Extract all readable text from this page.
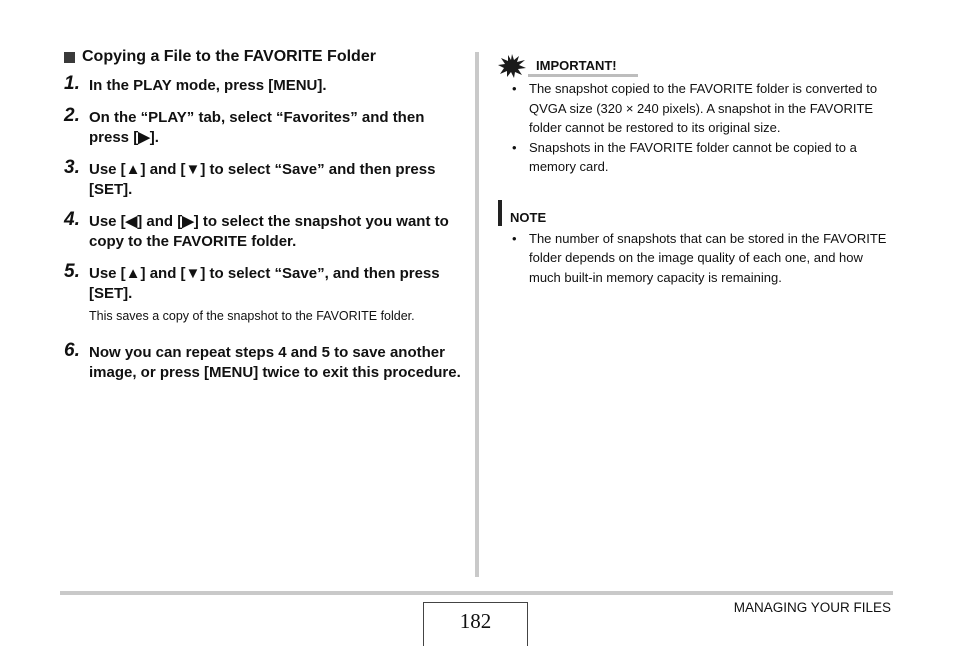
Copying a File to the FAVORITE Folder
1. In the PLAY mode, press [MENU].
2. On the “PLAY” tab, select “Favorites” and then press [▶].
3. Use [▲] and [▼] to select “Save” and then press [SET].
4. Use [◀] and [▶] to select the snapshot you want to copy to the FAVORITE folder.
5. Use [▲] and [▼] to select “Save”, and then press [SET].
This saves a copy of the snapshot to the FAVORITE folder.
6. Now you can repeat steps 4 and 5 to save another image, or press [MENU] twice to exit this procedure.
IMPORTANT!
• The snapshot copied to the FAVORITE folder is converted to QVGA size (320 × 240 pixels). A snapshot in the FAVORITE folder cannot be restored to its original size.
• Snapshots in the FAVORITE folder cannot be copied to a memory card.
NOTE
• The number of snapshots that can be stored in the FAVORITE folder depends on the image quality of each one, and how much built-in memory capacity is remaining.
182
MANAGING YOUR FILES
